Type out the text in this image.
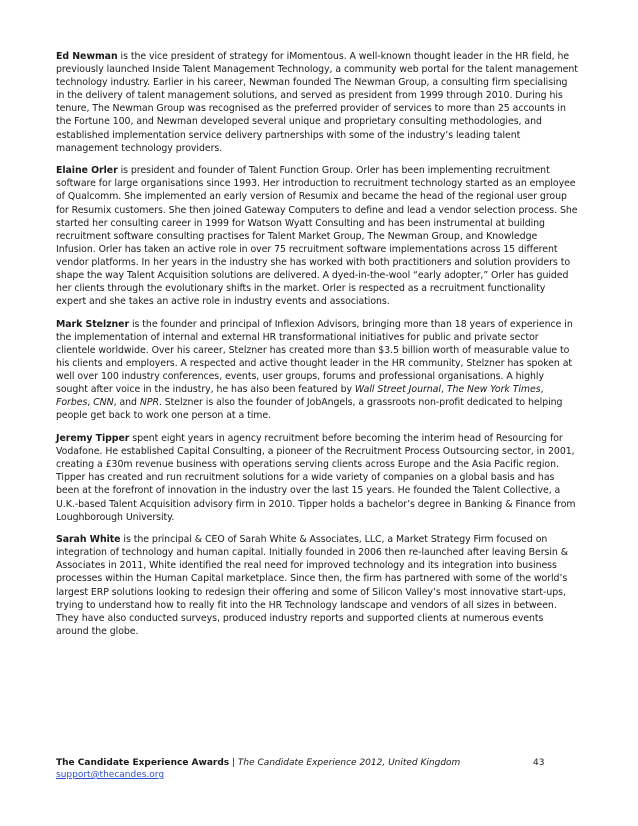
Ed Newman is the vice president of strategy for iMomentous. A well-known thought leader in the HR field, he previously launched Inside Talent Management Technology, a community web portal for the talent management technology industry. Earlier in his career, Newman founded The Newman Group, a consulting firm specialising in the delivery of talent management solutions, and served as president from 1999 through 2010. During his tenure, The Newman Group was recognised as the preferred provider of services to more than 25 accounts in the Fortune 100, and Newman developed several unique and proprietary consulting methodologies, and established implementation service delivery partnerships with some of the industry’s leading talent management technology providers.

Elaine Orler is president and founder of Talent Function Group. Orler has been implementing recruitment software for large organisations since 1993. Her introduction to recruitment technology started as an employee of Qualcomm. She implemented an early version of Resumix and became the head of the regional user group for Resumix customers. She then joined Gateway Computers to define and lead a vendor selection process. She started her consulting career in 1999 for Watson Wyatt Consulting and has been instrumental at building recruitment software consulting practises for Talent Market Group, The Newman Group, and Knowledge Infusion. Orler has taken an active role in over 75 recruitment software implementations across 15 different vendor platforms. In her years in the industry she has worked with both practitioners and solution providers to shape the way Talent Acquisition solutions are delivered. A dyed-in-the-wool “early adopter,” Orler has guided her clients through the evolutionary shifts in the market. Orler is respected as a recruitment functionality expert and she takes an active role in industry events and associations.

Mark Stelzner is the founder and principal of Inflexion Advisors, bringing more than 18 years of experience in the implementation of internal and external HR transformational initiatives for public and private sector clientele worldwide. Over his career, Stelzner has created more than $3.5 billion worth of measurable value to his clients and employers. A respected and active thought leader in the HR community, Stelzner has spoken at well over 100 industry conferences, events, user groups, forums and professional organisations. A highly sought after voice in the industry, he has also been featured by Wall Street Journal, The New York Times, Forbes, CNN, and NPR. Stelzner is also the founder of JobAngels, a grassroots non-profit dedicated to helping people get back to work one person at a time.

Jeremy Tipper spent eight years in agency recruitment before becoming the interim head of Resourcing for Vodafone. He established Capital Consulting, a pioneer of the Recruitment Process Outsourcing sector, in 2001, creating a £30m revenue business with operations serving clients across Europe and the Asia Pacific region. Tipper has created and run recruitment solutions for a wide variety of companies on a global basis and has been at the forefront of innovation in the industry over the last 15 years. He founded the Talent Collective, a U.K.-based Talent Acquisition advisory firm in 2010. Tipper holds a bachelor’s degree in Banking & Finance from Loughborough University.

Sarah White is the principal & CEO of Sarah White & Associates, LLC, a Market Strategy Firm focused on integration of technology and human capital. Initially founded in 2006 then re-launched after leaving Bersin & Associates in 2011, White identified the real need for improved technology and its integration into business processes within the Human Capital marketplace. Since then, the firm has partnered with some of the world’s largest ERP solutions looking to redesign their offering and some of Silicon Valley’s most innovative start-ups, trying to understand how to really fit into the HR Technology landscape and vendors of all sizes in between. They have also conducted surveys, produced industry reports and supported clients at numerous events around the globe.

The Candidate Experience Awards | The Candidate Experience 2012, United Kingdom	43
support@thecandes.org
